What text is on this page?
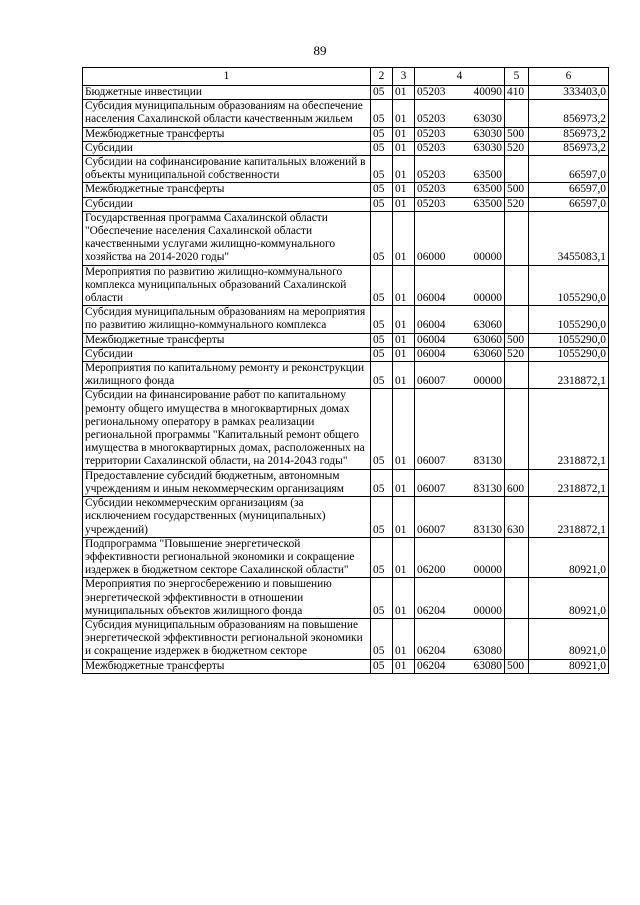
89
1	2	3	4	5	6
Бюджетные инвестиции	05	01	05203 40090	410	333403,0
Субсидия муниципальным образованиям на обеспечение населения Сахалинской области качественным жильем	05	01	05203 63030		856973,2
Межбюджетные трансферты	05	01	05203 63030	500	856973,2
Субсидии	05	01	05203 63030	520	856973,2
Субсидии на софинансирование капитальных вложений в объекты муниципальной собственности	05	01	05203 63500		66597,0
Межбюджетные трансферты	05	01	05203 63500	500	66597,0
Субсидии	05	01	05203 63500	520	66597,0
Государственная программа Сахалинской области "Обеспечение населения Сахалинской области качественными услугами жилищно-коммунального хозяйства на 2014-2020 годы"	05	01	06000 00000		3455083,1
Мероприятия по развитию жилищно-коммунального комплекса муниципальных образований Сахалинской области	05	01	06004 00000		1055290,0
Субсидия муниципальным образованиям на мероприятия по развитию жилищно-коммунального комплекса	05	01	06004 63060		1055290,0
Межбюджетные трансферты	05	01	06004 63060	500	1055290,0
Субсидии	05	01	06004 63060	520	1055290,0
Мероприятия по капитальному ремонту и реконструкции жилищного фонда	05	01	06007 00000		2318872,1
Субсидии на финансирование работ по капитальному ремонту общего имущества в многоквартирных домах региональному оператору в рамках реализации региональной программы "Капитальный ремонт общего имущества в многоквартирных домах, расположенных на территории Сахалинской области, на 2014-2043 годы"	05	01	06007 83130		2318872,1
Предоставление субсидий бюджетным, автономным учреждениям и иным некоммерческим организациям	05	01	06007 83130	600	2318872,1
Субсидии некоммерческим организациям (за исключением государственных (муниципальных) учреждений)	05	01	06007 83130	630	2318872,1
Подпрограмма "Повышение энергетической эффективности региональной экономики и сокращение издержек в бюджетном секторе Сахалинской области"	05	01	06200 00000		80921,0
Мероприятия по энергосбережению и повышению энергетической эффективности в отношении муниципальных объектов жилищного фонда	05	01	06204 00000		80921,0
Субсидия муниципальным образованиям на повышение энергетической эффективности региональной экономики и сокращение издержек в бюджетном секторе	05	01	06204 63080		80921,0
Межбюджетные трансферты	05	01	06204 63080	500	80921,0
